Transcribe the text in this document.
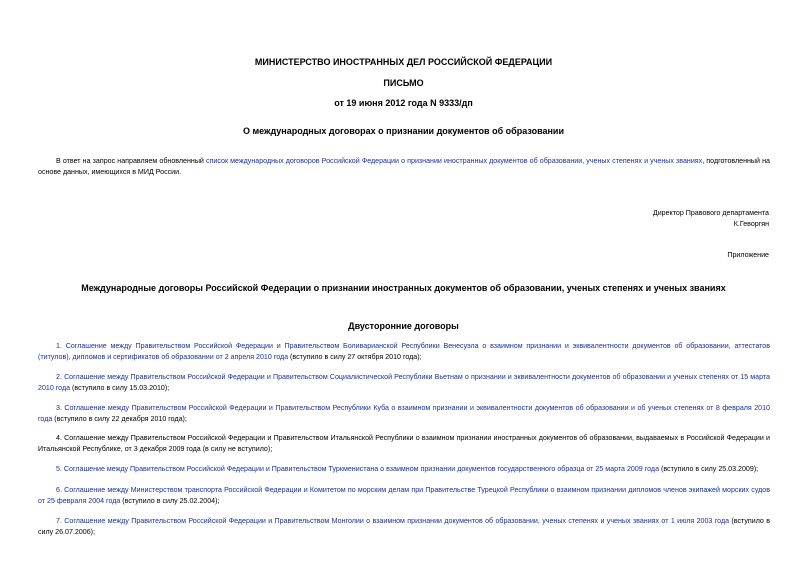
МИНИСТЕРСТВО ИНОСТРАННЫХ ДЕЛ РОССИЙСКОЙ ФЕДЕРАЦИИ
ПИСЬМО
от 19 июня 2012 года N 9333/дп
О международных договорах о признании документов об образовании
В ответ на запрос направляем обновленный список международных договоров Российской Федерации о признании иностранных документов об образовании, ученых степенях и ученых званиях, подготовленный на основе данных, имеющихся в МИД России.
Директор Правового департамента
К.Геворгян
Приложение
Международные договоры Российской Федерации о признании иностранных документов об образовании, ученых степенях и ученых званиях
Двусторонние договоры
1. Соглашение между Правительством Российской Федерации и Правительством Боливарианской Республики Венесуэла о взаимном признании и эквивалентности документов об образовании, аттестатов (титулов), дипломов и сертификатов об образовании от 2 апреля 2010 года (вступило в силу 27 октября 2010 года);
2. Соглашение между Правительством Российской Федерации и Правительством Социалистической Республики Вьетнам о признании и эквивалентности документов об образовании и ученых степенях от 15 марта 2010 года (вступило в силу 15.03.2010);
3. Соглашение между Правительством Российской Федерации и Правительством Республики Куба о взаимном признании и эквивалентности документов об образовании и об ученых степенях от 8 февраля 2010 года (вступило в силу 22 декабря 2010 года);
4. Соглашение между Правительством Российской Федерации и Правительством Итальянской Республики о взаимном признании иностранных документов об образовании, выдаваемых в Российской Федерации и Итальянской Республике, от 3 декабря 2009 года (в силу не вступило);
5. Соглашение между Правительством Российской Федерации и Правительством Туркменистана о взаимном признании документов государственного образца от 25 марта 2009 года (вступило в силу 25.03.2009);
6. Соглашение между Министерством транспорта Российской Федерации и Комитетом по морским делам при Правительстве Турецкой Республики о взаимном признании дипломов членов экипажей морских судов от 25 февраля 2004 года (вступило в силу 25.02.2004);
7. Соглашение между Правительством Российской Федерации и Правительством Монголии о взаимном признании документов об образовании, ученых степенях и ученых званиях от 1 июля 2003 года (вступило в силу 26.07.2006);
